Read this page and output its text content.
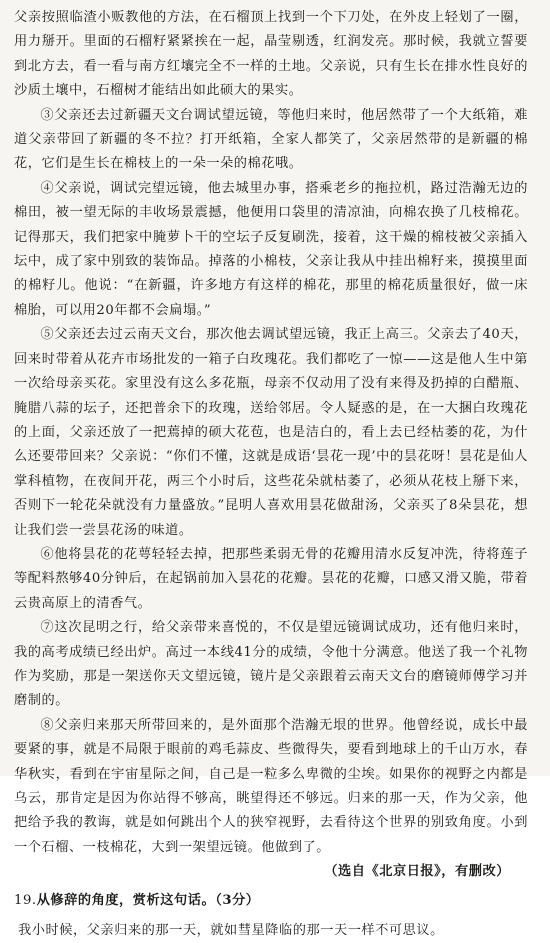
父亲按照临渣小贩教他的方法，在石榴顶上找到一个下刀处，在外皮上轻划了一圈，用力掰开。里面的石榴籽紧紧挨在一起，晶莹剔透，红润发亮。那时候，我就立誓要到北方去，看一看与南方红壤完全不一样的土地。父亲说，只有生长在排水性良好的沙质土壤中，石榴树才能结出如此硕大的果实。

③父亲还去过新疆天文台调试望远镜，等他归来时，他居然带了一个大纸箱，难道父亲带回了新疆的冬不拉？打开纸箱，全家人都笑了，父亲居然带的是新疆的棉花，它们是生长在棉枝上的一朵一朵的棉花哦。

④父亲说，调试完望远镜，他去城里办事，搭乘老乡的拖拉机，路过浩瀚无边的棉田，被一望无际的丰收场景震撼，他便用口袋里的清凉油，向棉农换了几枝棉花。记得那天，我们把家中腌萝卜干的空坛子反复刷洗，接着，这干燥的棉枝被父亲插入坛中，成了家中别致的装饰品。掉落的小棉枝，父亲让我从中挂出棉籽来，摸摸里面的棉籽儿。他说：“在新疆，许多地方有这样的棉花，那里的棉花质量很好，做一床棉胎，可以用20年都不会扁塌。”

⑤父亲还去过云南天文台，那次他去调试望远镜，我正上高三。父亲去了40天，回来时带着从花卉市场批发的一箱子白玫瑰花。我们都吃了一惊——这是他人生中第一次给母亲买花。家里没有这么多花瓶，母亲不仅动用了没有来得及扔掉的白醋瓶、腌腊八蒜的坛子，还把普余下的玫瑰，送给邻居。令人疑惑的是，在一大捆白玫瑰花的上面，父亲还放了一把蔫掉的硕大花苞，也是洁白的，看上去已经枯萎的花，为什么还要带回来？父亲说：“你们不懂，这就是成语‘昙花一现’中的昙花呀！昙花是仙人掌科植物，在夜间开花，两三个小时后，这些花朵就枯萎了，必须从花枝上掰下来，否则下一轮花朵就没有力量盛放。”昆明人喜欢用昙花做甜汤，父亲买了8朵昙花，想让我们尝一尝昙花汤的味道。

⑥他将昙花的花萼轻轻去掉，把那些柔弱无骨的花瓣用清水反复冲洗，待将莲子等配料熬够40分钟后，在起锅前加入昙花的花瓣。昙花的花瓣，口感又滑又脆，带着云贵高原上的清香气。

⑦这次昆明之行，给父亲带来喜悦的，不仅是望远镜调试成功，还有他归来时，我的高考成绩已经出炉。高过一本线41分的成绩，令他十分满意。他送了我一个礼物作为奖励，那是一架送你天文望远镜，镜片是父亲跟着云南天文台的磨镜师傅学习并磨制的。

⑧父亲归来那天所带回来的，是外面那个浩瀚无垠的世界。他曾经说，成长中最要紧的事，就是不局限于眼前的鸡毛蒜皮、些微得失，要看到地球上的千山万水，春华秋实，看到在宇宙星际之间，自己是一粒多么卑微的尘埃。如果你的视野之内都是乌云，那肯定是因为你站得不够高，眺望得还不够远。归来的那一天，作为父亲，他把给予我的教诲，就是如何跳出个人的狭窄视野，去看待这个世界的别致角度。小到一个石榴、一枝棉花，大到一架望远镜。他做到了。

（选自《北京日报》，有删改）

19.从修辞的角度，赏析这句话。（3分）

我小时候，父亲归来的那一天，就如彗星降临的那一天一样不可思议。
